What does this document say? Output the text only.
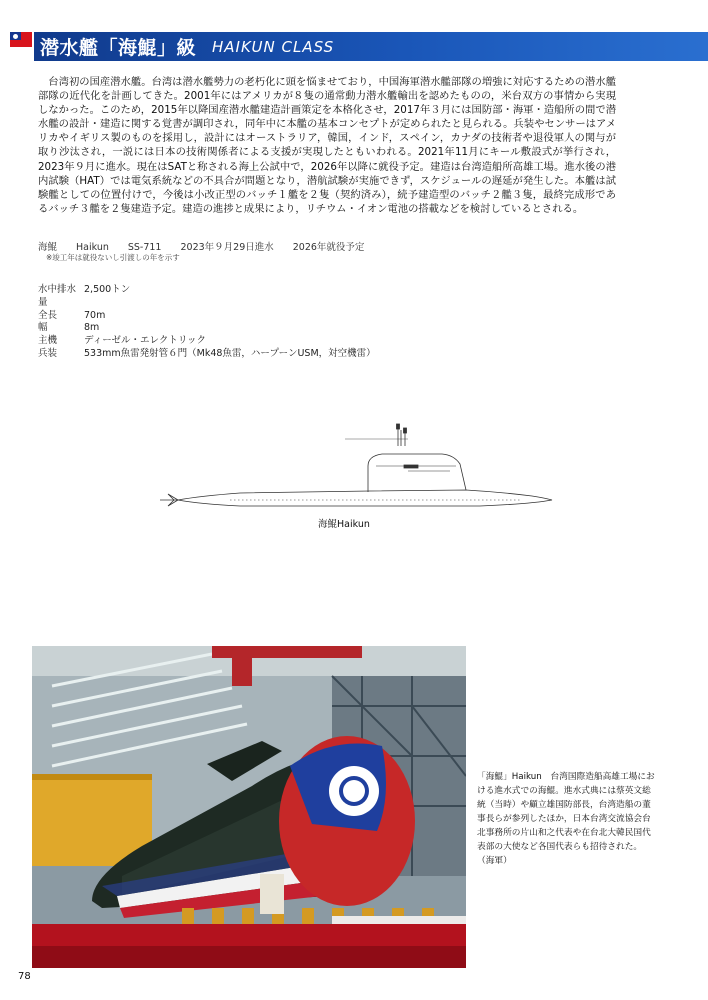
潜水艦「海鯤」級 HAIKUN CLASS

台湾初の国産潜水艦。台湾は潜水艦勢力の老朽化に頭を悩ませており，中国海軍潜水艦部隊の増強に対応するための潜水艦部隊の近代化を計画してきた。2001年にはアメリカが８隻の通常動力潜水艦輸出を認めたものの，米台双方の事情から実現しなかった。このため，2015年以降国産潜水艦建造計画策定を本格化させ，2017年３月には国防部・海軍・造船所の間で潜水艦の設計・建造に関する覚書が調印され，同年中に本艦の基本コンセプトが定められたと見られる。兵装やセンサーはアメリカやイギリス製のものを採用し，設計にはオーストラリア，韓国，インド，スペイン，カナダの技術者や退役軍人の関与が取り沙汰され，一説には日本の技術関係者による支援が実現したともいわれる。2021年11月にキール敷設式が挙行され，2023年９月に進水。現在はSATと称される海上公試中で，2026年以降に就役予定。建造は台湾造船所高雄工場。進水後の港内試験（HAT）では電気系統などの不具合が問題となり，潜航試験が実施できず，スケジュールの遅延が発生した。本艦は試験艦としての位置付けで，今後は小改正型のバッチ１艦を２隻（契約済み），続予建造型のバッチ２艦３隻，最終完成形であるバッチ３艦を２隻建造予定。建造の進捗と成果により，リチウム・イオン電池の搭載などを検討しているとされる。

海鯤　　Haikun　　SS-711　　2023年９月29日進水　　2026年就役予定
※竣工年は就役ないし引渡しの年を示す
水中排水量
2,500トン
全長	70m
幅	8m
主機	ディーゼル・エレクトリック
兵装	533mm魚雷発射管６門（Mk48魚雷，ハープーンUSM，対空機雷）
海鯤Haikun

「海鯤」Haikun　台湾国際造船高雄工場における進水式での海鯤。進水式典には蔡英文総統（当時）や顧立雄国防部長，台湾造船の董事長らが参列したほか，日本台湾交流協会台北事務所の片山和之代表や在台北大韓民国代表部の大使など各国代表らも招待された。（海軍）

78
